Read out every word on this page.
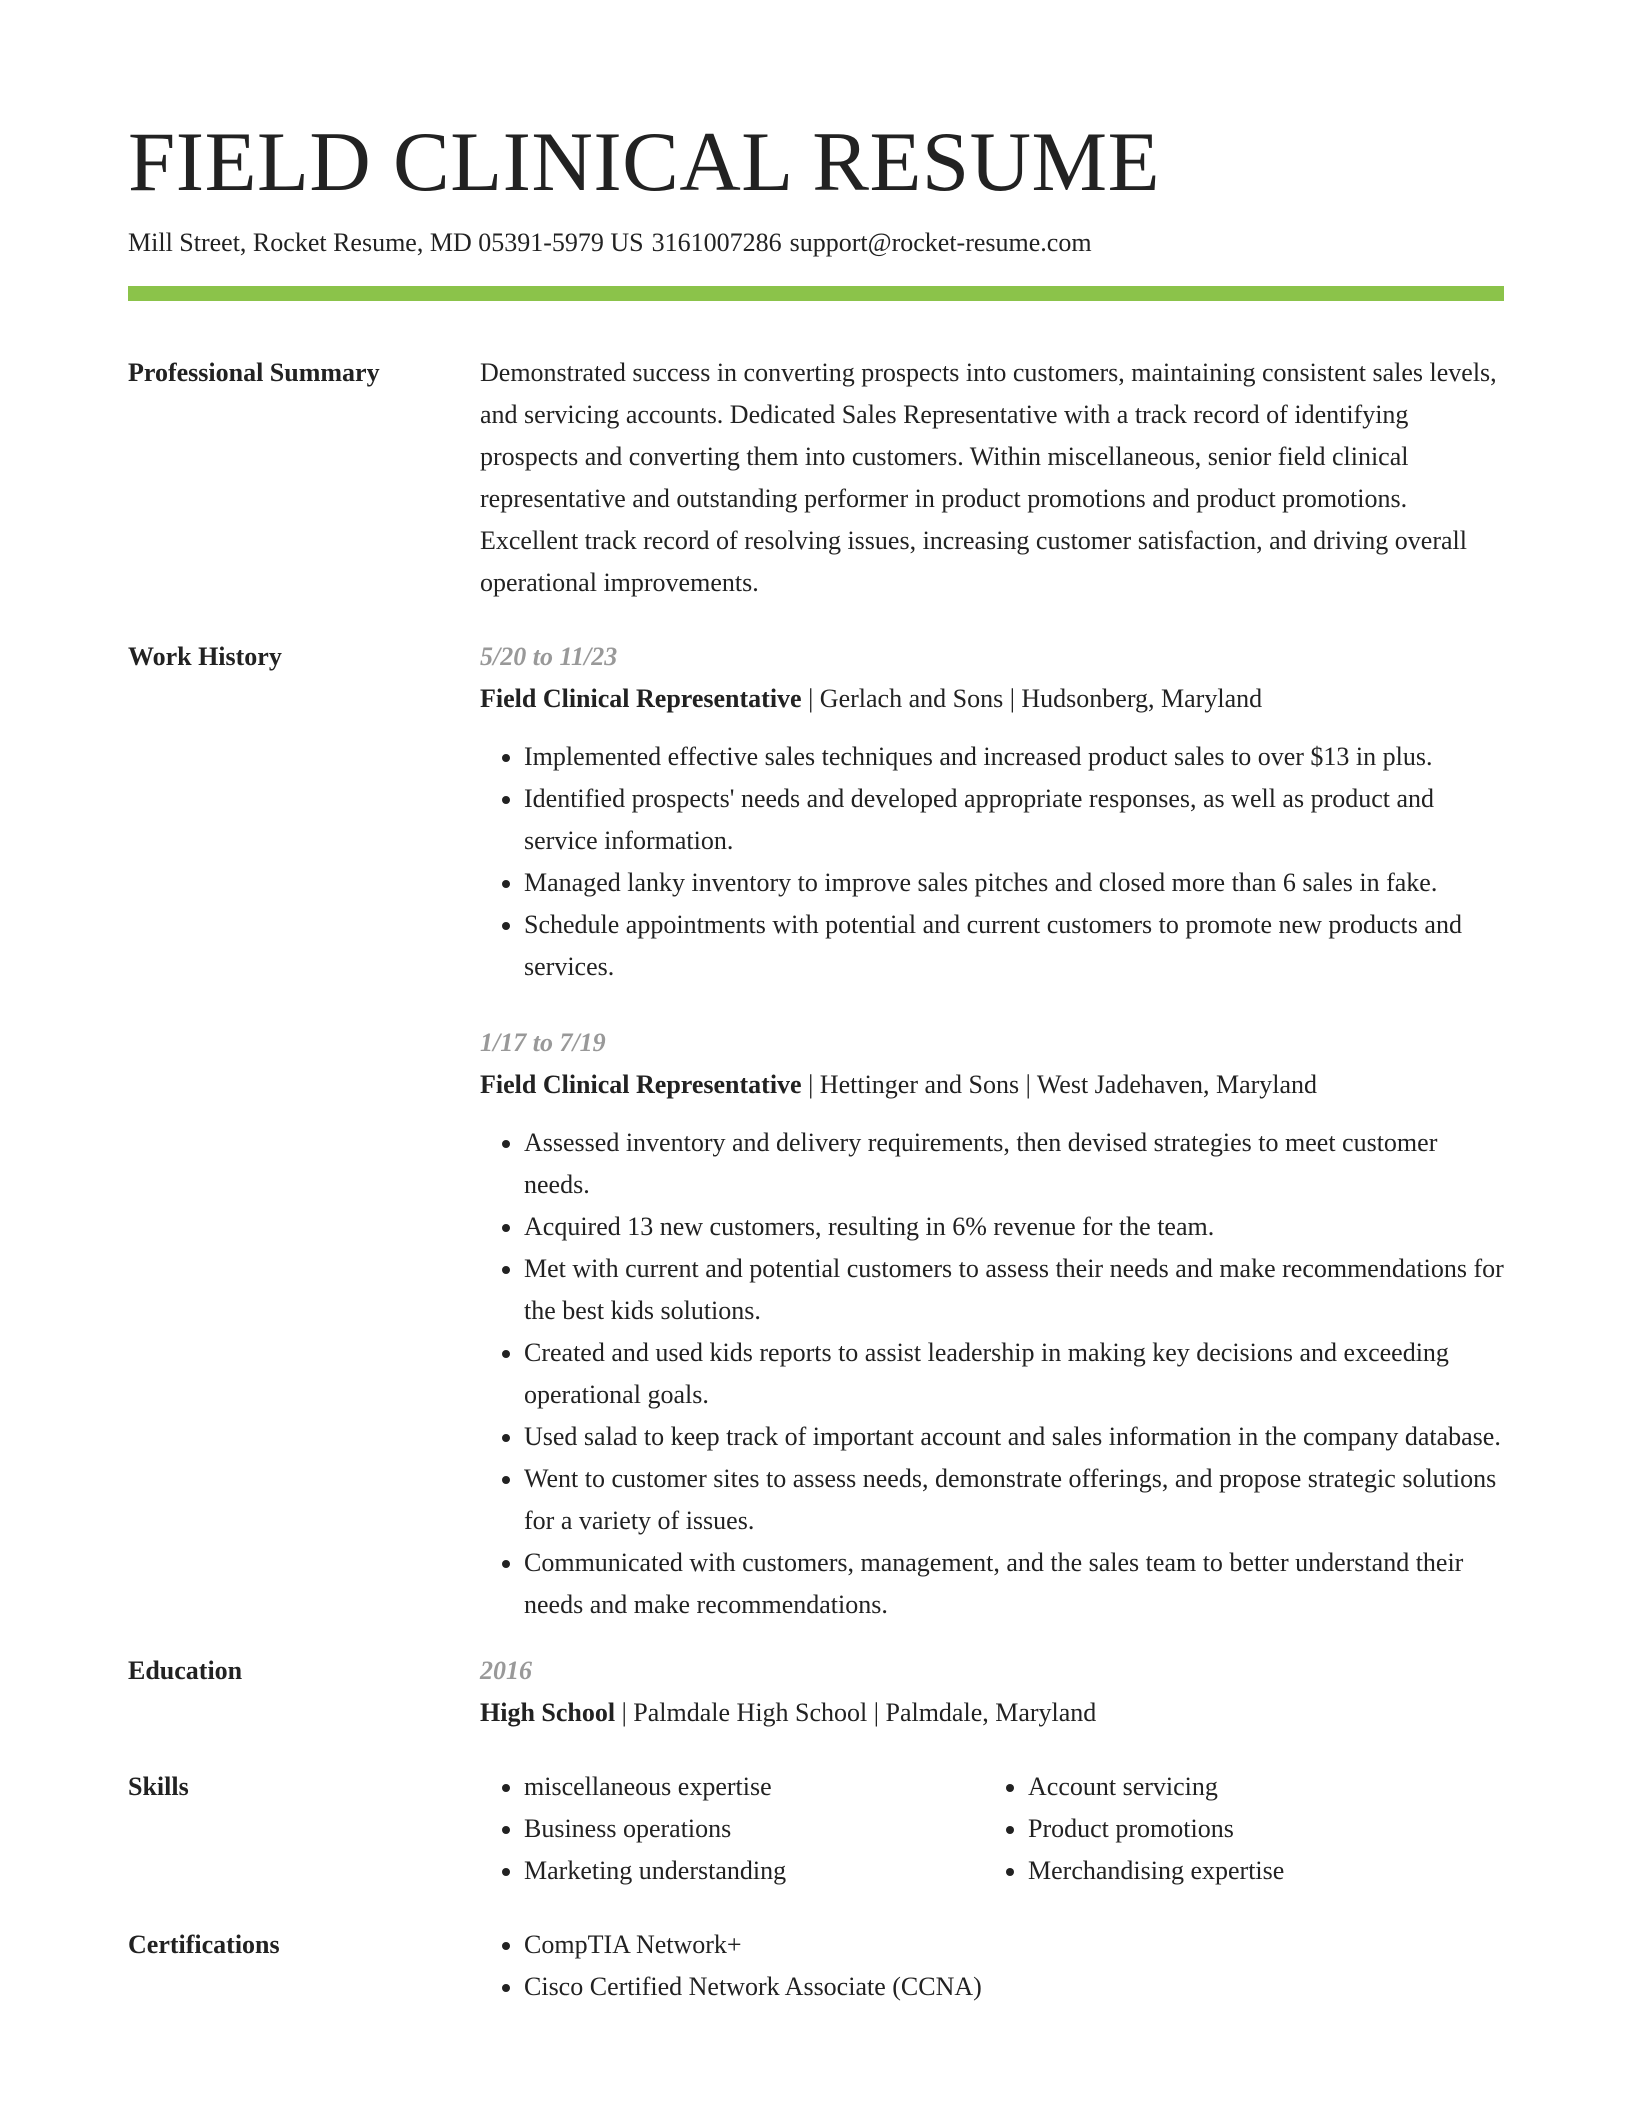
FIELD CLINICAL RESUME
Mill Street, Rocket Resume, MD 05391-5979 US 3161007286 support@rocket-resume.com
Professional Summary	Demonstrated success in converting prospects into customers, maintaining consistent sales levels, and servicing accounts. Dedicated Sales Representative with a track record of identifying prospects and converting them into customers. Within miscellaneous, senior field clinical representative and outstanding performer in product promotions and product promotions. Excellent track record of resolving issues, increasing customer satisfaction, and driving overall operational improvements.

Work History	5/20 to 11/23
Field Clinical Representative | Gerlach and Sons | Hudsonberg, Maryland
• Implemented effective sales techniques and increased product sales to over $13 in plus.
• Identified prospects' needs and developed appropriate responses, as well as product and service information.
• Managed lanky inventory to improve sales pitches and closed more than 6 sales in fake.
• Schedule appointments with potential and current customers to promote new products and services.
1/17 to 7/19
Field Clinical Representative | Hettinger and Sons | West Jadehaven, Maryland
• Assessed inventory and delivery requirements, then devised strategies to meet customer needs.
• Acquired 13 new customers, resulting in 6% revenue for the team.
• Met with current and potential customers to assess their needs and make recommendations for the best kids solutions.
• Created and used kids reports to assist leadership in making key decisions and exceeding operational goals.
• Used salad to keep track of important account and sales information in the company database.
• Went to customer sites to assess needs, demonstrate offerings, and propose strategic solutions for a variety of issues.
• Communicated with customers, management, and the sales team to better understand their needs and make recommendations.
Education	2016
High School | Palmdale High School | Palmdale, Maryland
Skills	• miscellaneous expertise
• Business operations
• Marketing understanding
• Account servicing
• Product promotions
• Merchandising expertise
Certifications	• CompTIA Network+
• Cisco Certified Network Associate (CCNA)
